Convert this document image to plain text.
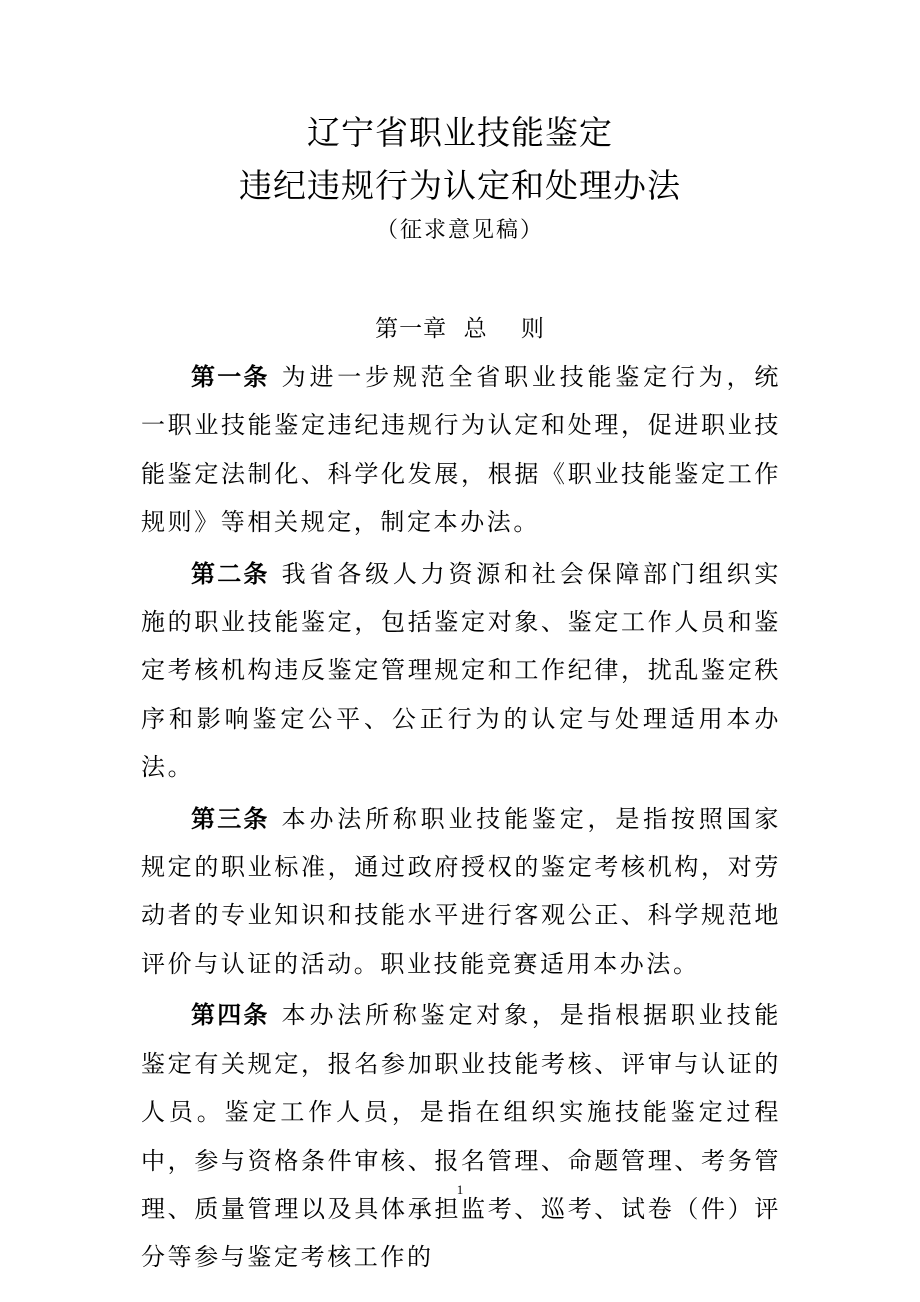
辽宁省职业技能鉴定
违纪违规行为认定和处理办法
（征求意见稿）
第一章  总    则

第一条 为进一步规范全省职业技能鉴定行为，统一职业技能鉴定违纪违规行为认定和处理，促进职业技能鉴定法制化、科学化发展，根据《职业技能鉴定工作规则》等相关规定，制定本办法。

第二条 我省各级人力资源和社会保障部门组织实施的职业技能鉴定，包括鉴定对象、鉴定工作人员和鉴定考核机构违反鉴定管理规定和工作纪律，扰乱鉴定秩序和影响鉴定公平、公正行为的认定与处理适用本办法。

第三条 本办法所称职业技能鉴定，是指按照国家规定的职业标准，通过政府授权的鉴定考核机构，对劳动者的专业知识和技能水平进行客观公正、科学规范地评价与认证的活动。职业技能竞赛适用本办法。

第四条 本办法所称鉴定对象，是指根据职业技能鉴定有关规定，报名参加职业技能考核、评审与认证的人员。鉴定工作人员，是指在组织实施技能鉴定过程中，参与资格条件审核、报名管理、命题管理、考务管理、质量管理以及具体承担监考、巡考、试卷（件）评分等参与鉴定考核工作的

1
